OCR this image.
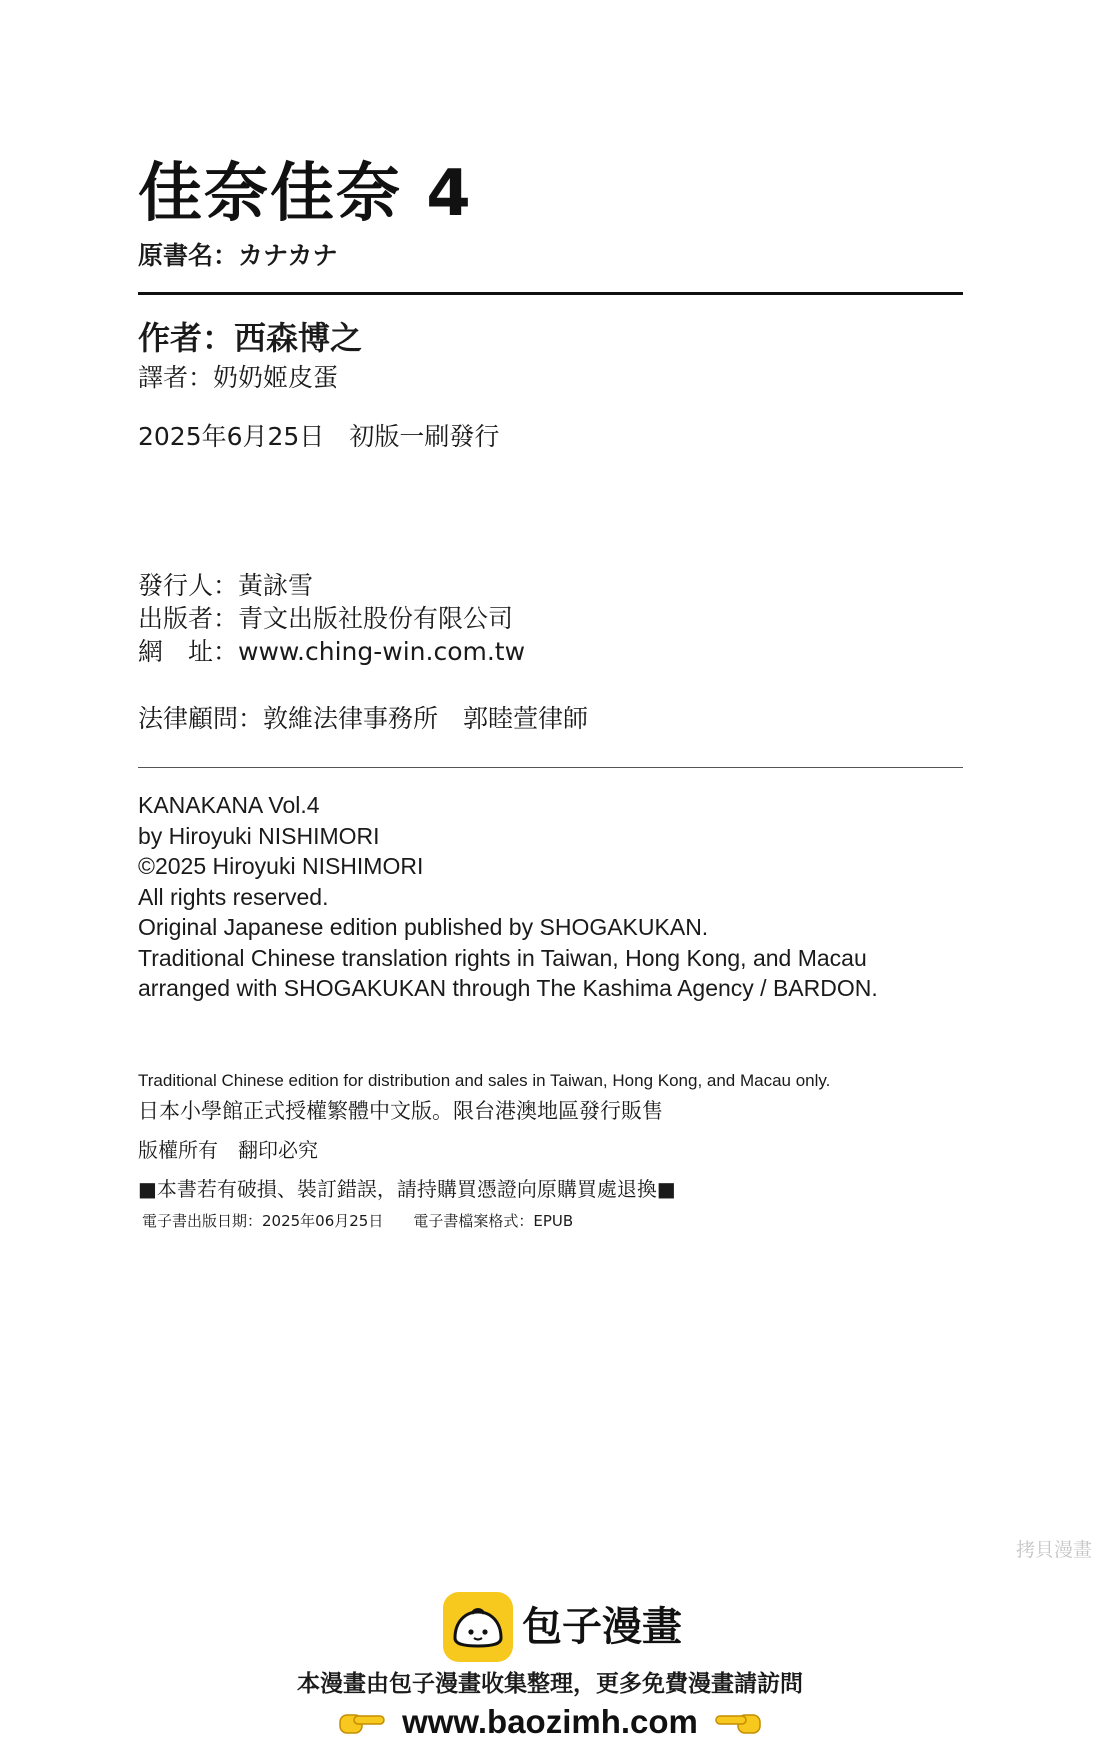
佳奈佳奈 4
原書名：カナカナ
作者：西森博之
譯者：奶奶姬皮蛋
2025年6月25日　初版一刷發行
發行人：黃詠雪
出版者：青文出版社股份有限公司
網　址：www.ching-win.com.tw
法律顧問：敦維法律事務所　郭睦萱律師
KANAKANA Vol.4
by Hiroyuki NISHIMORI
©2025 Hiroyuki NISHIMORI
All rights reserved.
Original Japanese edition published by SHOGAKUKAN.
Traditional Chinese translation rights in Taiwan, Hong Kong, and Macau
arranged with SHOGAKUKAN through The Kashima Agency / BARDON.
Traditional Chinese edition for distribution and sales in Taiwan, Hong Kong, and Macau only.
日本小學館正式授權繁體中文版。限台港澳地區發行販售
版權所有　翻印必究
■本書若有破損、裝訂錯誤，請持購買憑證向原購買處退換■
電子書出版日期：2025年06月25日 電子書檔案格式：EPUB
拷貝漫畫
包子漫畫
本漫畫由包子漫畫收集整理，更多免費漫畫請訪問
www.baozimh.com
